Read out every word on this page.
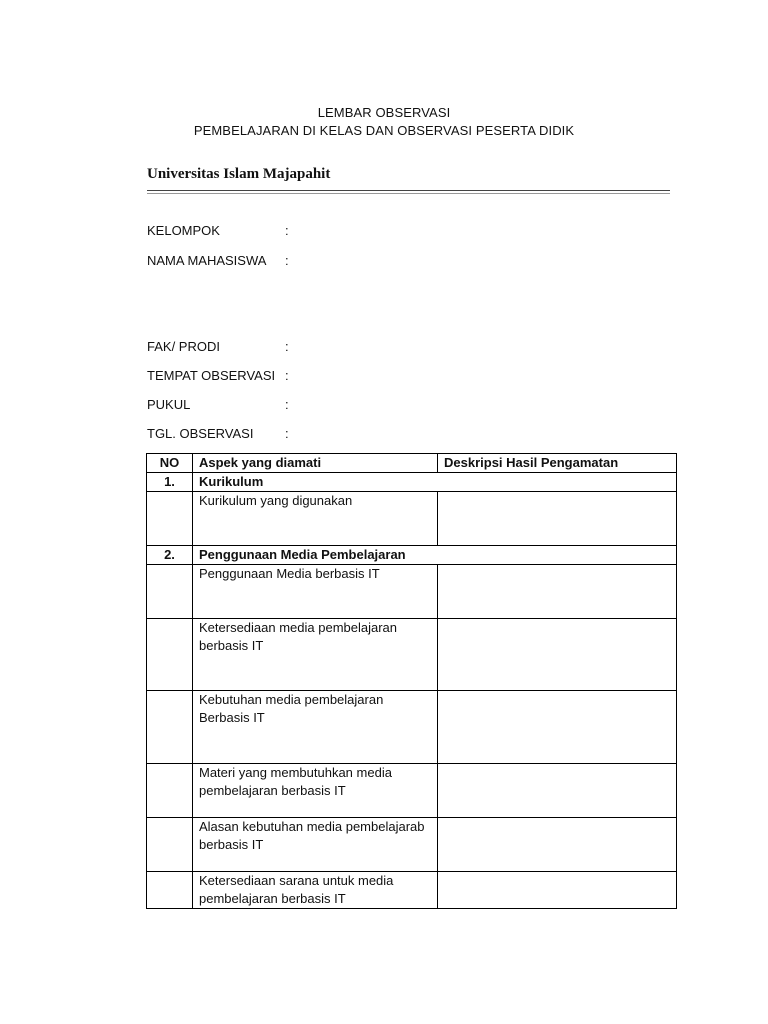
LEMBAR OBSERVASI
PEMBELAJARAN DI KELAS DAN OBSERVASI PESERTA DIDIK
Universitas Islam Majapahit
KELOMPOK	:
NAMA MAHASISWA :
FAK/ PRODI	:
TEMPAT OBSERVASI :
PUKUL	:
TGL. OBSERVASI :
NO	Aspek yang diamati	Deskripsi Hasil Pengamatan
1.	Kurikulum	
	Kurikulum yang digunakan	
2.	Penggunaan Media Pembelajaran	
	Penggunaan Media berbasis IT	
	Ketersediaan media pembelajaran berbasis IT	
	Kebutuhan media pembelajaran Berbasis IT	
	Materi yang membutuhkan media pembelajaran berbasis IT	
	Alasan kebutuhan media pembelajarab berbasis IT	
	Ketersediaan sarana untuk media pembelajaran berbasis IT	
